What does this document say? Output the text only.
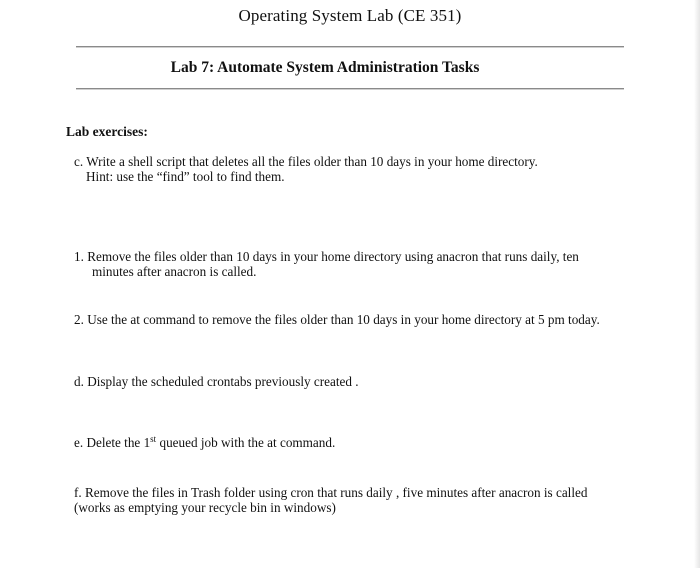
Operating System Lab (CE 351)
Lab 7: Automate System Administration Tasks
Lab exercises:
c. Write a shell script that deletes all the files older than 10 days in your home directory.
Hint: use the “find” tool to find them.
1. Remove the files older than 10 days in your home directory using anacron that runs daily, ten
minutes after anacron is called.
2. Use the at command to remove the files older than 10 days in your home directory at 5 pm today.
d. Display the scheduled crontabs previously created .
e. Delete the 1st queued job with the at command.
f. Remove the files in Trash folder using cron that runs daily , five minutes after anacron is called
(works as emptying your recycle bin in windows)
